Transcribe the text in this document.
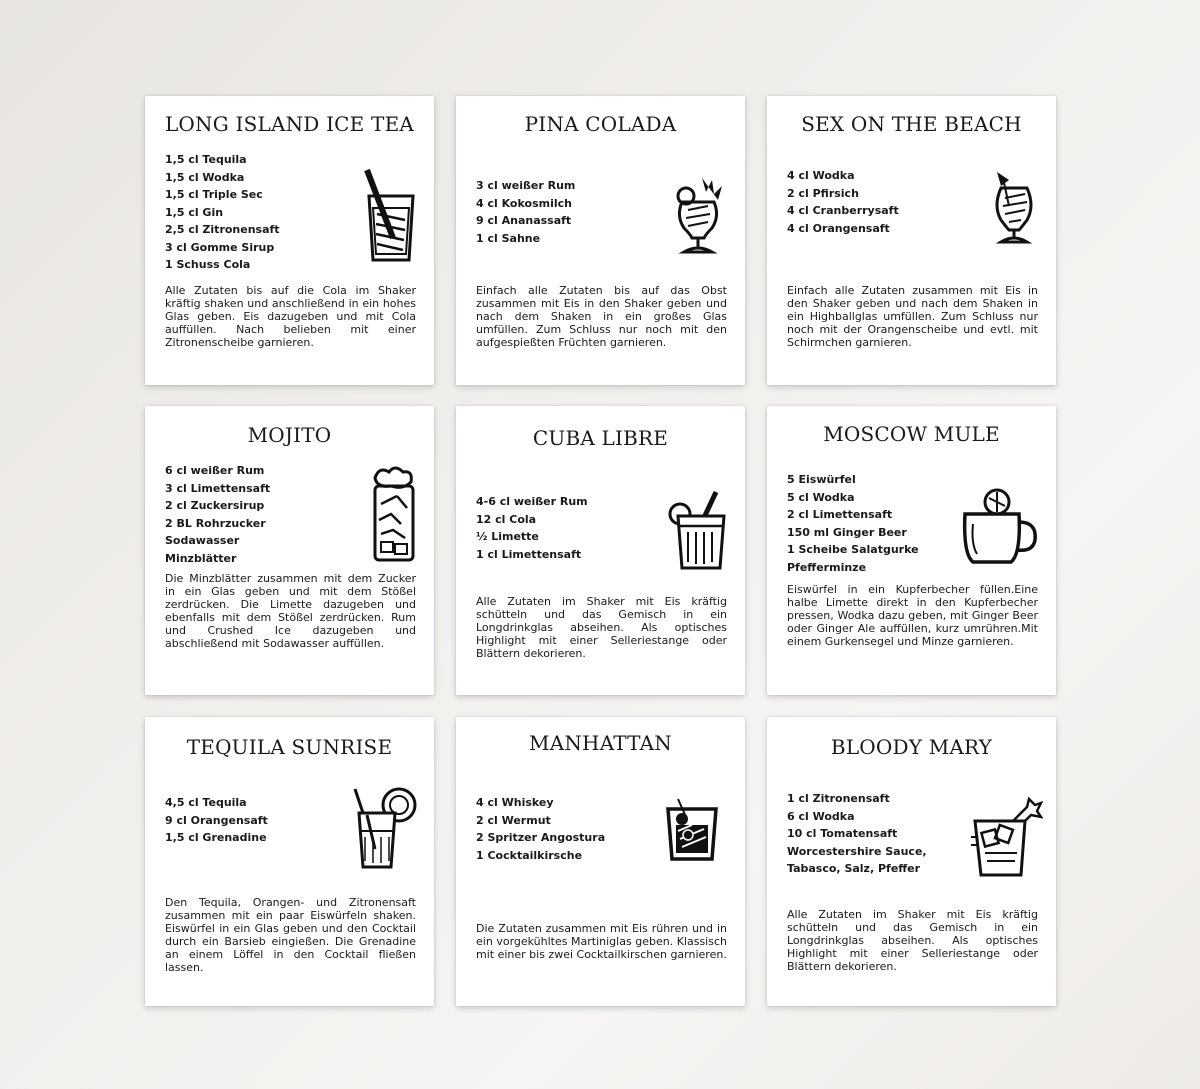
LONG ISLAND ICE TEA
1,5 cl Tequila
1,5 cl Wodka
1,5 cl Triple Sec
1,5 cl Gin
2,5 cl Zitronensaft
3 cl Gomme Sirup
1 Schuss Cola

Alle Zutaten bis auf die Cola im Shaker kräftig shaken und anschließend in ein hohes Glas geben. Eis dazugeben und mit Cola auffüllen. Nach belieben mit einer Zitronenscheibe garnieren.

PINA COLADA
3 cl weißer Rum
4 cl Kokosmilch
9 cl Ananassaft
1 cl Sahne

Einfach alle Zutaten bis auf das Obst zusammen mit Eis in den Shaker geben und nach dem Shaken in ein großes Glas umfüllen. Zum Schluss nur noch mit den aufgespießten Früchten garnieren.

SEX ON THE BEACH
4 cl Wodka
2 cl Pfirsich
4 cl Cranberrysaft
4 cl Orangensaft

Einfach alle Zutaten zusammen mit Eis in den Shaker geben und nach dem Shaken in ein Highballglas umfüllen. Zum Schluss nur noch mit der Orangenscheibe und evtl. mit Schirmchen garnieren.

MOJITO
6 cl weißer Rum
3 cl Limettensaft
2 cl Zuckersirup
2 BL Rohrzucker
Sodawasser
Minzblätter

Die Minzblätter zusammen mit dem Zucker in ein Glas geben und mit dem Stößel zerdrücken. Die Limette dazugeben und ebenfalls mit dem Stößel zerdrücken. Rum und Crushed Ice dazugeben und abschließend mit Sodawasser auffüllen.

CUBA LIBRE
4-6 cl weißer Rum
12 cl Cola
½ Limette
1 cl Limettensaft

Alle Zutaten im Shaker mit Eis kräftig schütteln und das Gemisch in ein Longdrinkglas abseihen. Als optisches Highlight mit einer Selleriestange oder Blättern dekorieren.

MOSCOW MULE
5 Eiswürfel
5 cl Wodka
2 cl Limettensaft
150 ml Ginger Beer
1 Scheibe Salatgurke
Pfefferminze

Eiswürfel in ein Kupferbecher füllen.Eine halbe Limette direkt in den Kupferbecher pressen, Wodka dazu geben, mit Ginger Beer oder Ginger Ale auffüllen, kurz umrühren.Mit einem Gurkensegel und Minze garnieren.

TEQUILA SUNRISE
4,5 cl Tequila
9 cl Orangensaft
1,5 cl Grenadine

Den Tequila, Orangen- und Zitronensaft zusammen mit ein paar Eiswürfeln shaken. Eiswürfel in ein Glas geben und den Cocktail durch ein Barsieb eingießen. Die Grenadine an einem Löffel in den Cocktail fließen lassen.

MANHATTAN
4 cl Whiskey
2 cl Wermut
2 Spritzer Angostura
1 Cocktailkirsche

Die Zutaten zusammen mit Eis rühren und in ein vorgekühltes Martiniglas geben. Klassisch mit einer bis zwei Cocktailkirschen garnieren.

BLOODY MARY
1 cl Zitronensaft
6 cl Wodka
10 cl Tomatensaft
Worcestershire Sauce,
Tabasco, Salz, Pfeffer

Alle Zutaten im Shaker mit Eis kräftig schütteln und das Gemisch in ein Longdrinkglas abseihen. Als optisches Highlight mit einer Selleriestange oder Blättern dekorieren.
